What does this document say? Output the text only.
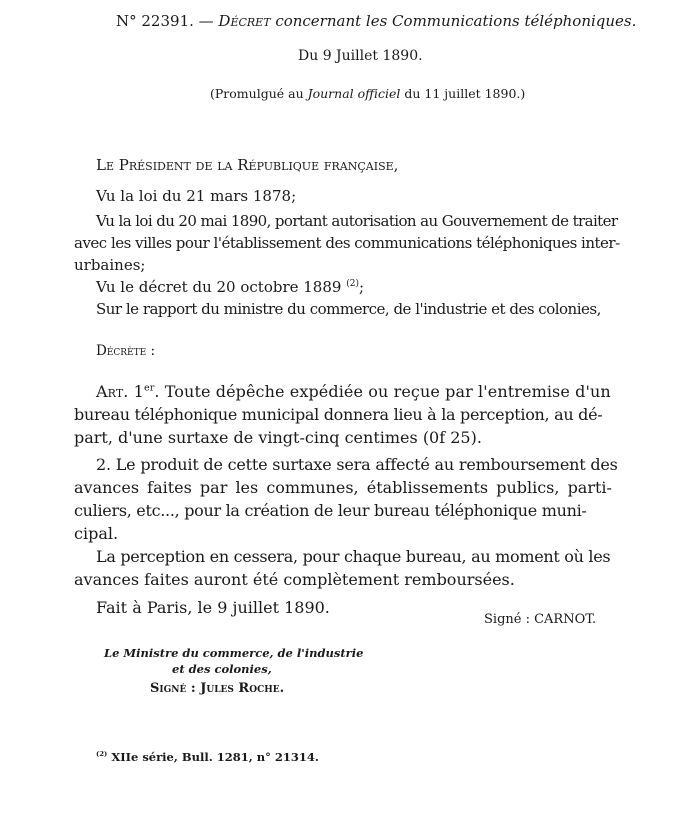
N° 22391. — Décret concernant les Communications téléphoniques.
Du 9 Juillet 1890.
(Promulgué au Journal officiel du 11 juillet 1890.)
Le Président de la République française,
Vu la loi du 21 mars 1878;
Vu la loi du 20 mai 1890, portant autorisation au Gouvernement de traiter
avec les villes pour l'établissement des communications téléphoniques inter-
urbaines;
Vu le décret du 20 octobre 1889 $^{(2)}$;
Sur le rapport du ministre du commerce, de l'industrie et des colonies,
Décrète :
Art. 1er. Toute dépêche expédiée ou reçue par l'entremise d'un
bureau téléphonique municipal donnera lieu à la perception, au dé-
part, d'une surtaxe de vingt-cinq centimes (0f 25).
2. Le produit de cette surtaxe sera affecté au remboursement des
avances faites par les communes, établissements publics, parti-
culiers, etc..., pour la création de leur bureau téléphonique muni-
cipal.
La perception en cessera, pour chaque bureau, au moment où les
avances faites auront été complètement remboursées.
Fait à Paris, le 9 juillet 1890.
Signé : CARNOT.
Le Ministre du commerce, de l'industrie
et des colonies,
Signé : Jules Roche.
$^{(2)}$ XIIe série, Bull. 1281, n° 21314.
